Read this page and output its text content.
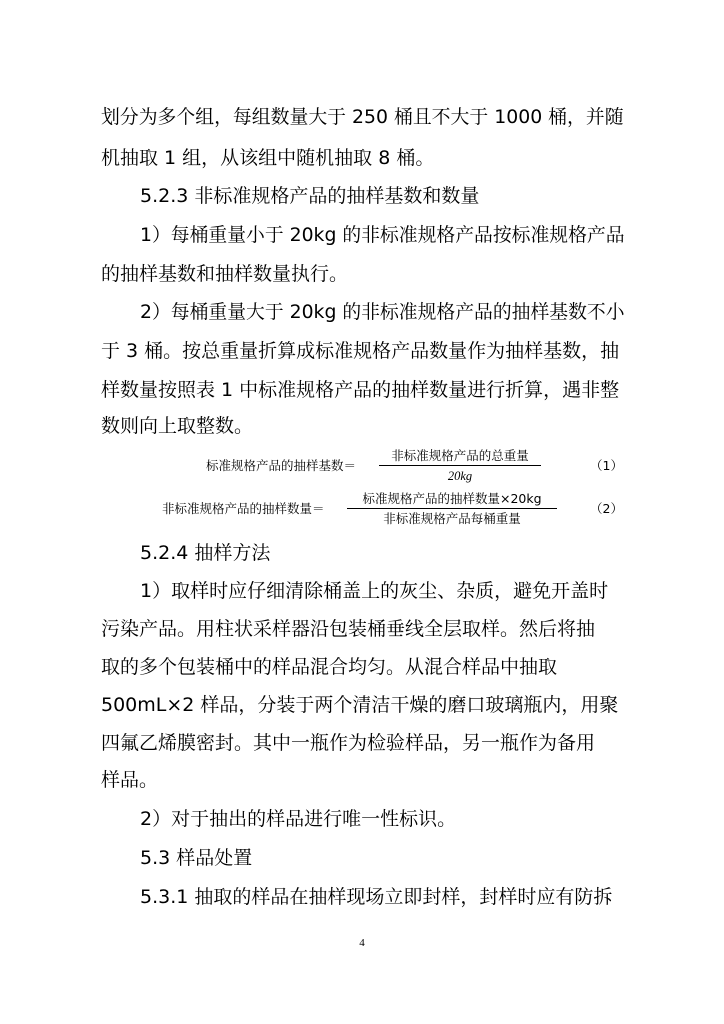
划分为多个组，每组数量大于 250 桶且不大于 1000 桶，并随
机抽取 1 组，从该组中随机抽取 8 桶。
5.2.3 非标准规格产品的抽样基数和数量
1）每桶重量小于 20kg 的非标准规格产品按标准规格产品
的抽样基数和抽样数量执行。
2）每桶重量大于 20kg 的非标准规格产品的抽样基数不小
于 3 桶。按总重量折算成标准规格产品数量作为抽样基数，抽
样数量按照表 1 中标准规格产品的抽样数量进行折算，遇非整
数则向上取整数。
标准规格产品的抽样基数＝
非标准规格产品的总重量
20kg
（1）
非标准规格产品的抽样数量＝
标准规格产品的抽样数量×20kg
非标准规格产品每桶重量
（2）
5.2.4 抽样方法
1）取样时应仔细清除桶盖上的灰尘、杂质，避免开盖时
污染产品。用柱状采样器沿包装桶垂线全层取样。然后将抽
取的多个包装桶中的样品混合均匀。从混合样品中抽取
500mL×2 样品，分装于两个清洁干燥的磨口玻璃瓶内，用聚
四氟乙烯膜密封。其中一瓶作为检验样品，另一瓶作为备用
样品。
2）对于抽出的样品进行唯一性标识。
5.3 样品处置
5.3.1 抽取的样品在抽样现场立即封样，封样时应有防拆
4
